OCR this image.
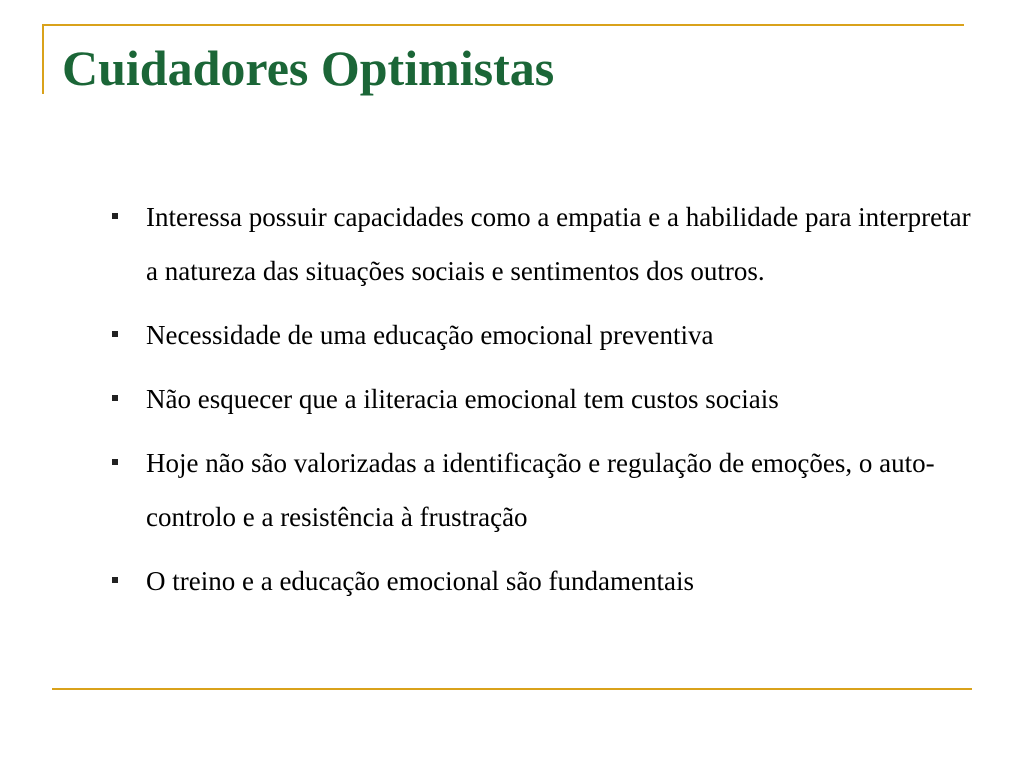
Cuidadores Optimistas
Interessa possuir capacidades como a empatia e a habilidade para interpretar a natureza das situações sociais e sentimentos dos outros.
Necessidade de uma educação emocional preventiva
Não esquecer que a iliteracia emocional tem custos sociais
Hoje não são valorizadas a identificação e regulação de emoções, o auto-controlo e a resistência à frustração
O treino e a educação emocional são fundamentais
